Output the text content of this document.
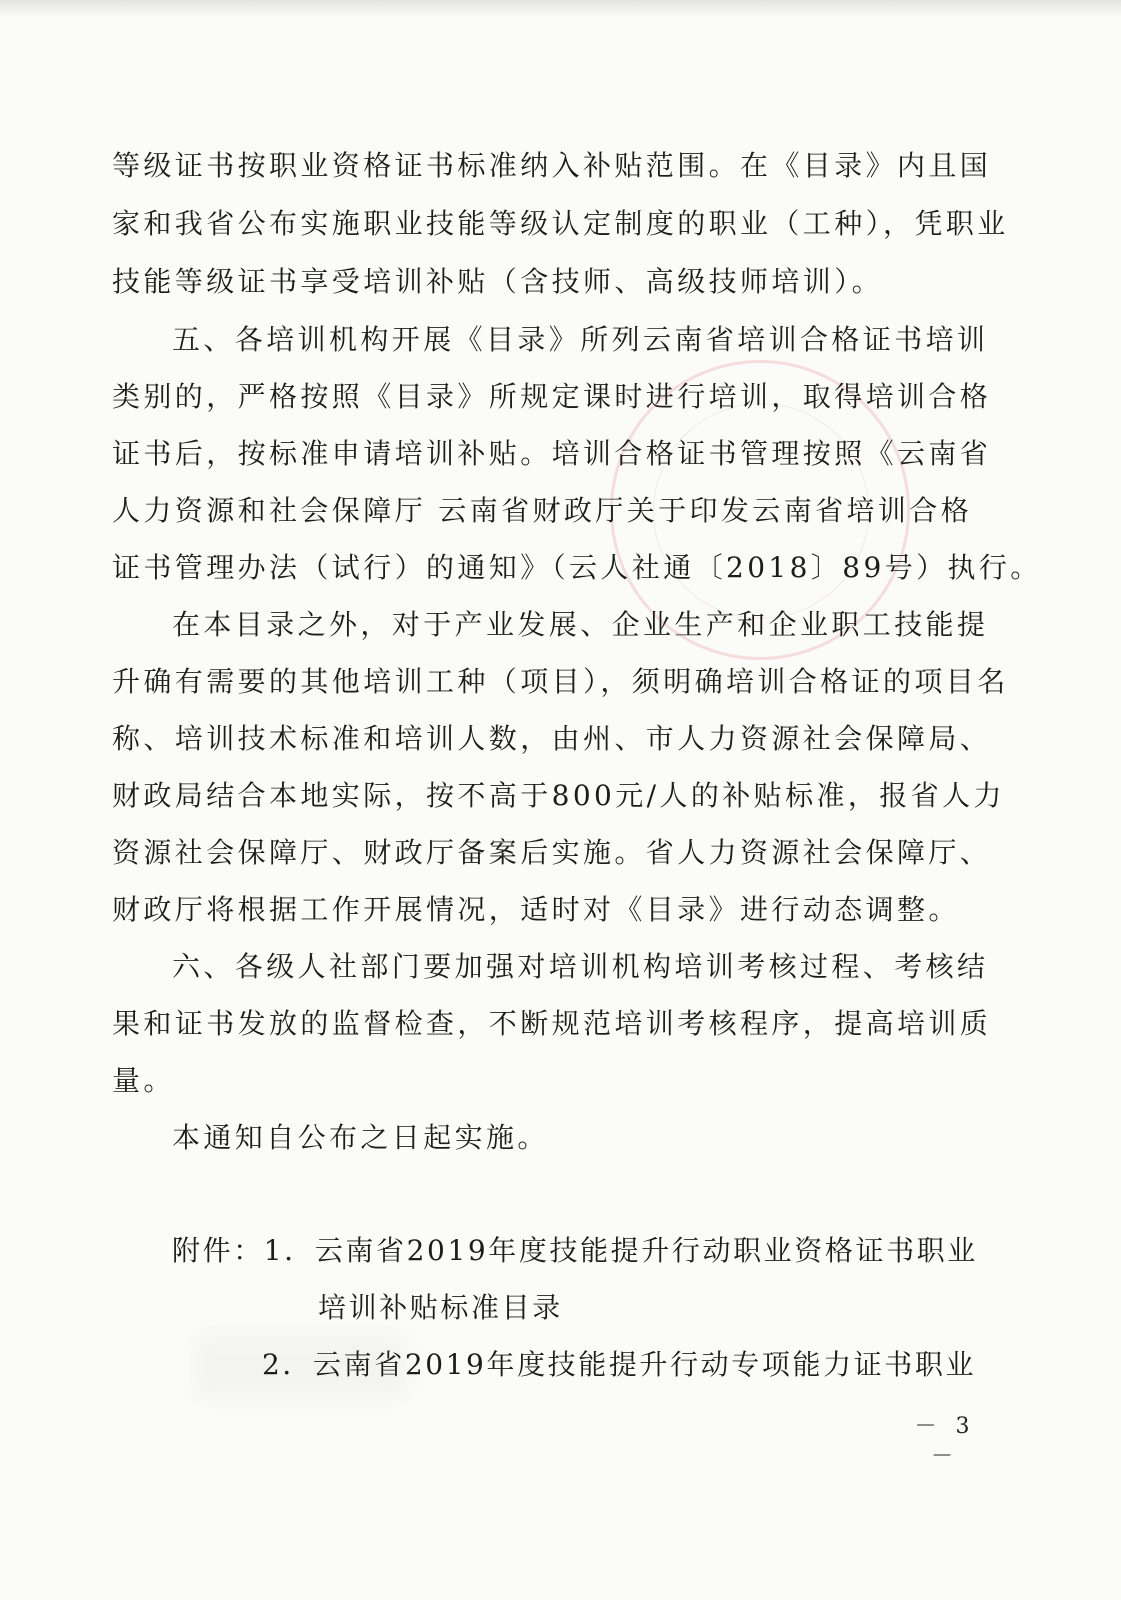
等级证书按职业资格证书标准纳入补贴范围。在《目录》内且国
家和我省公布实施职业技能等级认定制度的职业（工种），凭职业
技能等级证书享受培训补贴（含技师、高级技师培训）。
五、各培训机构开展《目录》所列云南省培训合格证书培训
类别的，严格按照《目录》所规定课时进行培训，取得培训合格
证书后，按标准申请培训补贴。培训合格证书管理按照《云南省
人力资源和社会保障厅 云南省财政厅关于印发云南省培训合格
证书管理办法（试行）的通知》（云人社通〔2018〕89号）执行。
在本目录之外，对于产业发展、企业生产和企业职工技能提
升确有需要的其他培训工种（项目），须明确培训合格证的项目名
称、培训技术标准和培训人数，由州、市人力资源社会保障局、
财政局结合本地实际，按不高于800元/人的补贴标准，报省人力
资源社会保障厅、财政厅备案后实施。省人力资源社会保障厅、
财政厅将根据工作开展情况，适时对《目录》进行动态调整。
六、各级人社部门要加强对培训机构培训考核过程、考核结
果和证书发放的监督检查，不断规范培训考核程序，提高培训质
量。
本通知自公布之日起实施。
附件：1．云南省2019年度技能提升行动职业资格证书职业
培训补贴标准目录
2．云南省2019年度技能提升行动专项能力证书职业
－ 3 －
